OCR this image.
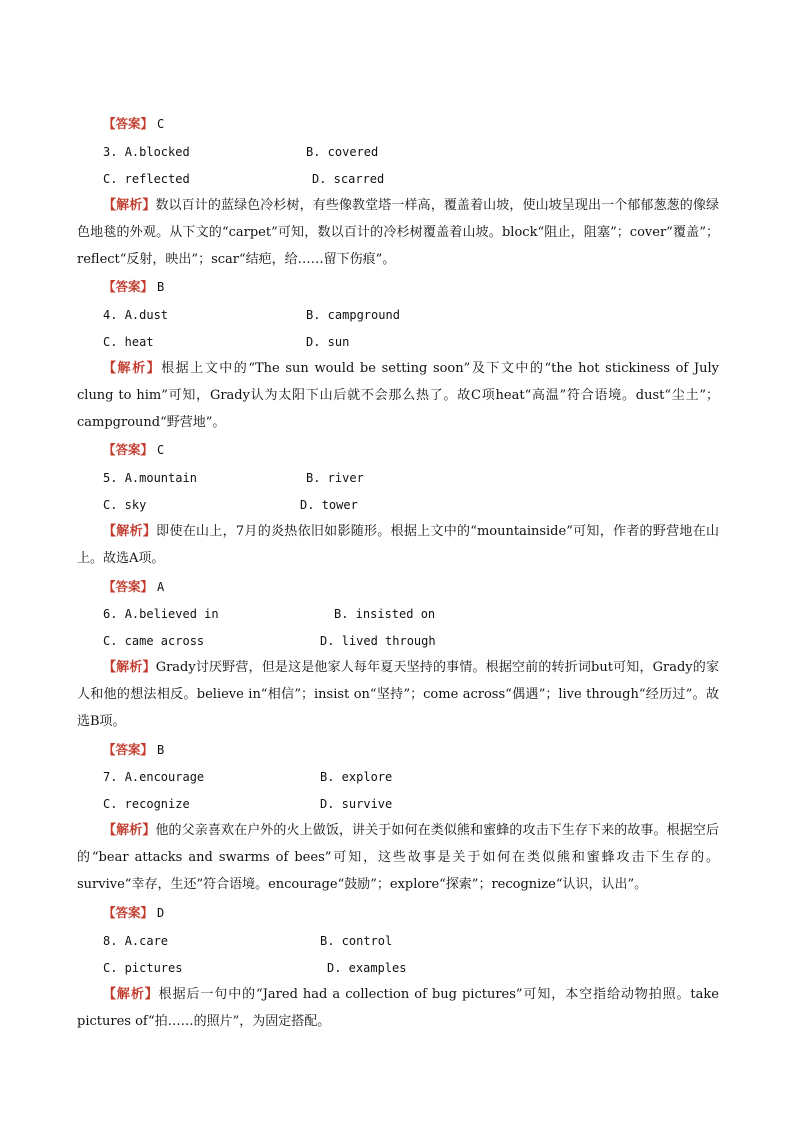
【答案】 C
3. A.blocked	B. covered
C. reflected	D. scarred
【解析】数以百计的蓝绿色冷杉树，有些像教堂塔一样高，覆盖着山坡，使山坡呈现出一个郁郁葱葱的像绿色地毯的外观。从下文的“carpet”可知，数以百计的冷杉树覆盖着山坡。block“阻止，阻塞”；cover“覆盖”；reflect“反射，映出”；scar“结疤，给……留下伤痕”。
【答案】 B
4. A.dust	B. campground
C. heat	D. sun
【解析】根据上文中的“The sun would be setting soon”及下文中的“the hot stickiness of July clung to him”可知，Grady认为太阳下山后就不会那么热了。故C项heat“高温”符合语境。dust“尘土”；campground“野营地”。
【答案】 C
5. A.mountain	B. river
C. sky	D. tower
【解析】即使在山上，7月的炎热依旧如影随形。根据上文中的“mountainside”可知，作者的野营地在山上。故选A项。
【答案】 A
6. A.believed in	B. insisted on
C. came across	D. lived through
【解析】Grady讨厌野营，但是这是他家人每年夏天坚持的事情。根据空前的转折词but可知，Grady的家人和他的想法相反。believe in“相信”；insist on“坚持”；come across“偶遇”；live through“经历过”。故选B项。
【答案】 B
7. A.encourage	B. explore
C. recognize	D. survive
【解析】他的父亲喜欢在户外的火上做饭，讲关于如何在类似熊和蜜蜂的攻击下生存下来的故事。根据空后的“bear attacks and swarms of bees”可知，这些故事是关于如何在类似熊和蜜蜂攻击下生存的。survive“幸存，生还”符合语境。encourage“鼓励”；explore“探索”；recognize“认识，认出”。
【答案】 D
8. A.care	B. control
C. pictures	D. examples
【解析】根据后一句中的“Jared had a collection of bug pictures”可知，本空指给动物拍照。take pictures of“拍……的照片”，为固定搭配。
